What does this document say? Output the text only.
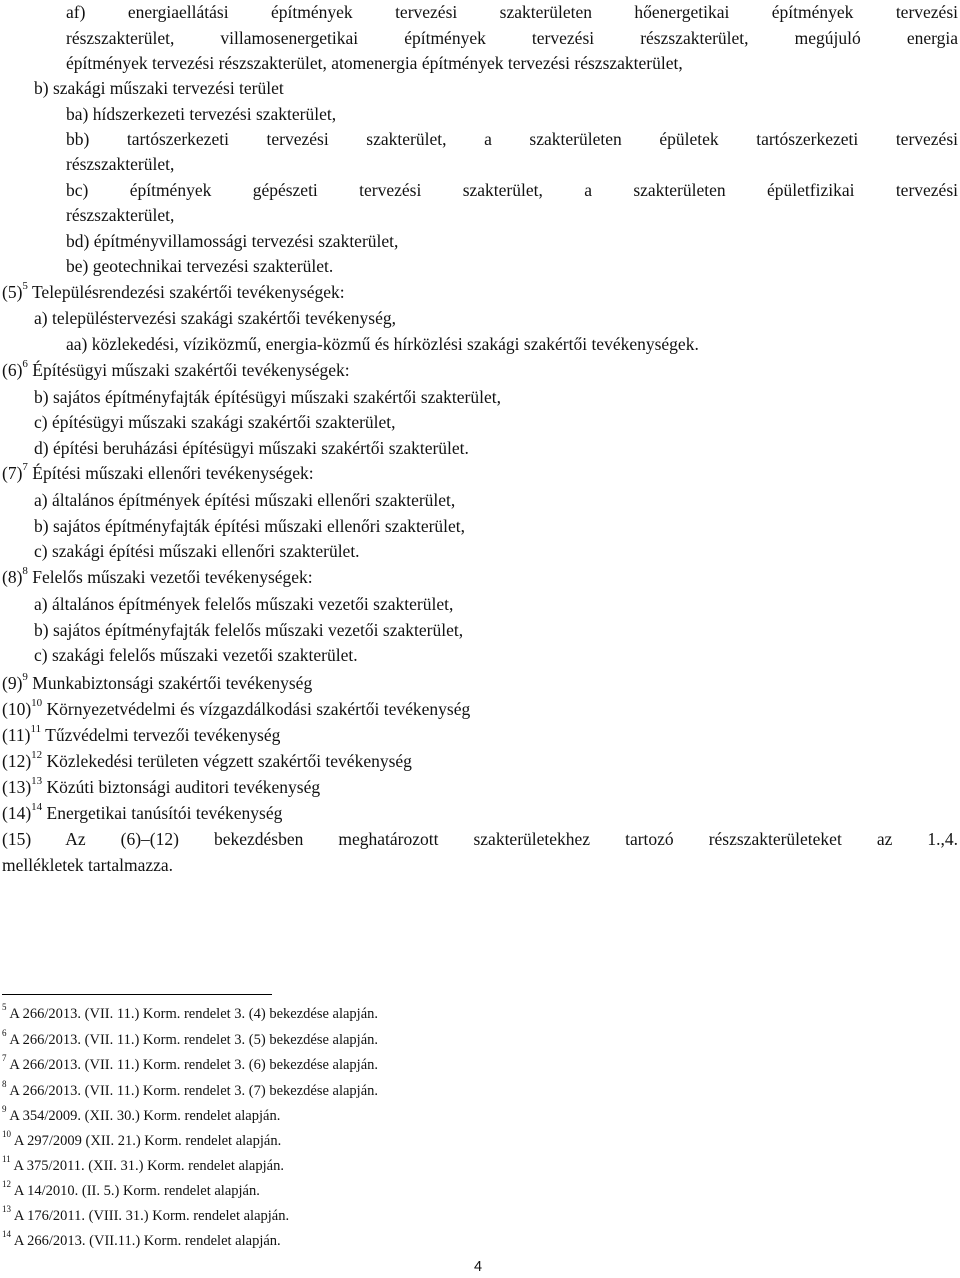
af) energiaellátási építmények tervezési szakterületen hőenergetikai építmények tervezési
részszakterület, villamosenergetikai építmények tervezési részszakterület, megújuló energia
építmények tervezési részszakterület, atomenergia építmények tervezési részszakterület,
b) szakági műszaki tervezési terület
ba) hídszerkezeti tervezési szakterület,
bb) tartószerkezeti tervezési szakterület, a szakterületen épületek tartószerkezeti tervezési
részszakterület,
bc) építmények gépészeti tervezési szakterület, a szakterületen épületfizikai tervezési
részszakterület,
bd) építményvillamossági tervezési szakterület,
be) geotechnikai tervezési szakterület.
$(5)^5$ Településrendezési szakértői tevékenységek:
a) településtervezési szakági szakértői tevékenység,
aa) közlekedési, víziközmű, energia-közmű és hírközlési szakági szakértői tevékenységek.
$(6)^6$ Építésügyi műszaki szakértői tevékenységek:
b) sajátos építményfajták építésügyi műszaki szakértői szakterület,
c) építésügyi műszaki szakági szakértői szakterület,
d) építési beruházási építésügyi műszaki szakértői szakterület.
$(7)^7$ Építési műszaki ellenőri tevékenységek:
a) általános építmények építési műszaki ellenőri szakterület,
b) sajátos építményfajták építési műszaki ellenőri szakterület,
c) szakági építési műszaki ellenőri szakterület.
$(8)^8$ Felelős műszaki vezetői tevékenységek:
a) általános építmények felelős műszaki vezetői szakterület,
b) sajátos építményfajták felelős műszaki vezetői szakterület,
c) szakági felelős műszaki vezetői szakterület.
$(9)^9$ Munkabiztonsági szakértői tevékenység
$(10)^{10}$ Környezetvédelmi és vízgazdálkodási szakértői tevékenység
$(11)^{11}$ Tűzvédelmi tervezői tevékenység
$(12)^{12}$ Közlekedési területen végzett szakértői tevékenység
$(13)^{13}$ Közúti biztonsági auditori tevékenység
$(14)^{14}$ Energetikai tanúsítói tevékenység
(15) Az (6)–(12) bekezdésben meghatározott szakterületekhez tartozó részszakterületeket az 1.,4.
mellékletek tartalmazza.
$^5$ A 266/2013. (VII. 11.) Korm. rendelet 3. (4) bekezdése alapján.
$^6$ A 266/2013. (VII. 11.) Korm. rendelet 3. (5) bekezdése alapján.
$^7$ A 266/2013. (VII. 11.) Korm. rendelet 3. (6) bekezdése alapján.
$^8$ A 266/2013. (VII. 11.) Korm. rendelet 3. (7) bekezdése alapján.
$^9$ A 354/2009. (XII. 30.) Korm. rendelet alapján.
$^{10}$ A 297/2009 (XII. 21.) Korm. rendelet alapján.
$^{11}$ A 375/2011. (XII. 31.) Korm. rendelet alapján.
$^{12}$ A 14/2010. (II. 5.) Korm. rendelet alapján.
$^{13}$ A 176/2011. (VIII. 31.) Korm. rendelet alapján.
$^{14}$ A 266/2013. (VII.11.) Korm. rendelet alapján.
4
